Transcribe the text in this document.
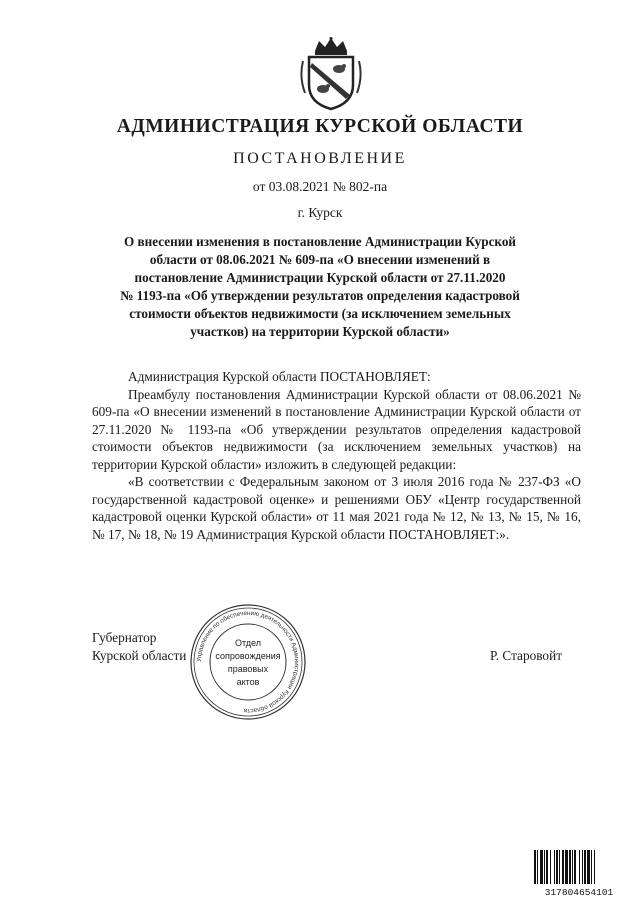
АДМИНИСТРАЦИЯ КУРСКОЙ ОБЛАСТИ
ПОСТАНОВЛЕНИЕ
от 03.08.2021 № 802-па
г. Курск
О внесении изменения в постановление Администрации Курской
области от 08.06.2021 № 609-па «О внесении изменений в
постановление Администрации Курской области от 27.11.2020
№ 1193-па «Об утверждении результатов определения кадастровой
стоимости объектов недвижимости (за исключением земельных
участков) на территории Курской области»

Администрация Курской области ПОСТАНОВЛЯЕТ:

Преамбулу постановления Администрации Курской области от 08.06.2021 № 609-па «О внесении изменений в постановление Администрации Курской области от 27.11.2020 № 1193-па «Об утверждении результатов определения кадастровой стоимости объектов недвижимости (за исключением земельных участков) на территории Курской области» изложить в следующей редакции:

«В соответствии с Федеральным законом от 3 июля 2016 года № 237-ФЗ «О государственной кадастровой оценке» и решениями ОБУ «Центр государственной кадастровой оценки Курской области» от 11 мая 2021 года № 12, № 13, № 15, № 16, № 17, № 18, № 19 Администрация Курской области ПОСТАНОВЛЯЕТ:».

Управление по обеспечению деятельности Администрации Курской области
Отдел
сопровождения
правовых
актов
Губернатор
Курской области	Р. Старовойт
317804654101
